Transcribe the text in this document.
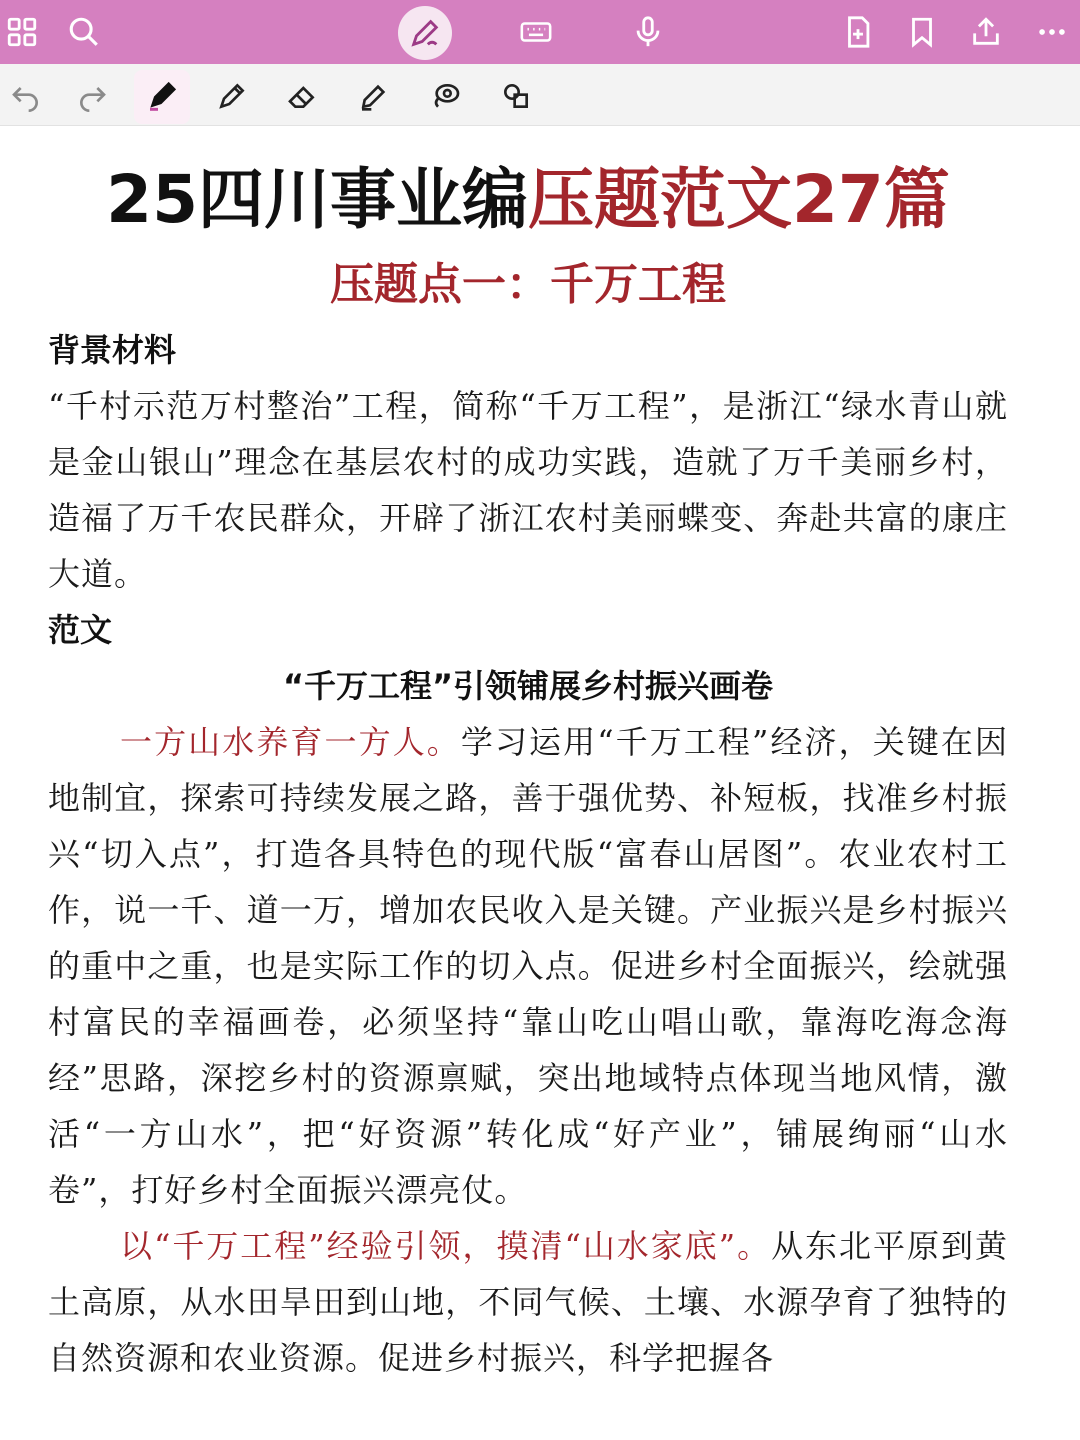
25四川事业编压题范文27篇
压题点一：千万工程
背景材料
“千村示范万村整治”工程，简称“千万工程”，是浙江“绿水青山就是金山银山”理念在基层农村的成功实践，造就了万千美丽乡村，造福了万千农民群众，开辟了浙江农村美丽蝶变、奔赴共富的康庄大道。
范文
“千万工程”引领铺展乡村振兴画卷
一方山水养育一方人。学习运用“千万工程”经济，关键在因地制宜，探索可持续发展之路，善于强优势、补短板，找准乡村振兴“切入点”，打造各具特色的现代版“富春山居图”。农业农村工作，说一千、道一万，增加农民收入是关键。产业振兴是乡村振兴的重中之重，也是实际工作的切入点。促进乡村全面振兴，绘就强村富民的幸福画卷，必须坚持“靠山吃山唱山歌，靠海吃海念海经”思路，深挖乡村的资源禀赋，突出地域特点体现当地风情，激活“一方山水”，把“好资源”转化成“好产业”，铺展绚丽“山水卷”，打好乡村全面振兴漂亮仗。
以“千万工程”经验引领，摸清“山水家底”。从东北平原到黄土高原，从水田旱田到山地，不同气候、土壤、水源孕育了独特的自然资源和农业资源。促进乡村振兴，科学把握各
